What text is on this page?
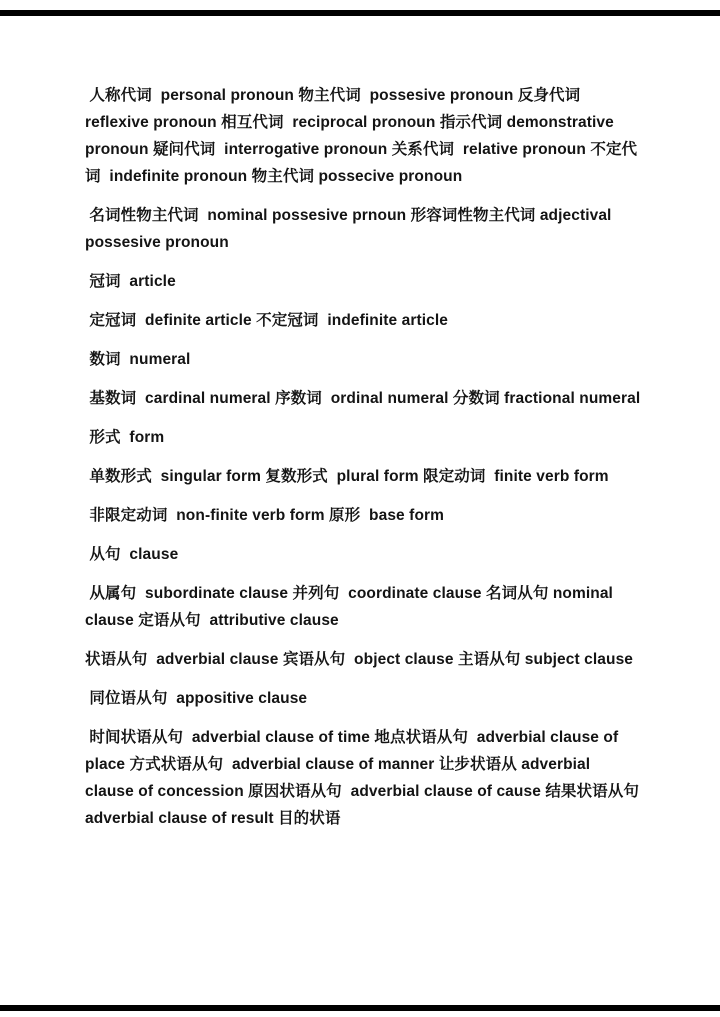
人称代词  personal pronoun 物主代词  possesive pronoun 反身代词  reflexive pronoun 相互代词  reciprocal pronoun 指示代词 demonstrative pronoun 疑问代词  interrogative pronoun 关系代词  relative pronoun 不定代词  indefinite pronoun 物主代词 possecive pronoun

名词性物主代词  nominal possesive prnoun 形容词性物主代词 adjectival possesive pronoun

冠词  article

定冠词  definite article 不定冠词  indefinite article

数词  numeral

基数词  cardinal numeral 序数词  ordinal numeral 分数词 fractional numeral

形式  form

单数形式  singular form 复数形式  plural form 限定动词  finite verb form

非限定动词  non-finite verb form 原形  base form

从句  clause

从属句  subordinate clause 并列句  coordinate clause 名词从句 nominal clause 定语从句  attributive clause

状语从句  adverbial clause 宾语从句  object clause 主语从句 subject clause

同位语从句  appositive clause

时间状语从句  adverbial clause of time 地点状语从句  adverbial clause of place 方式状语从句  adverbial clause of manner 让步状语从 adverbial clause of concession 原因状语从句  adverbial clause of cause 结果状语从句  adverbial clause of result 目的状语
